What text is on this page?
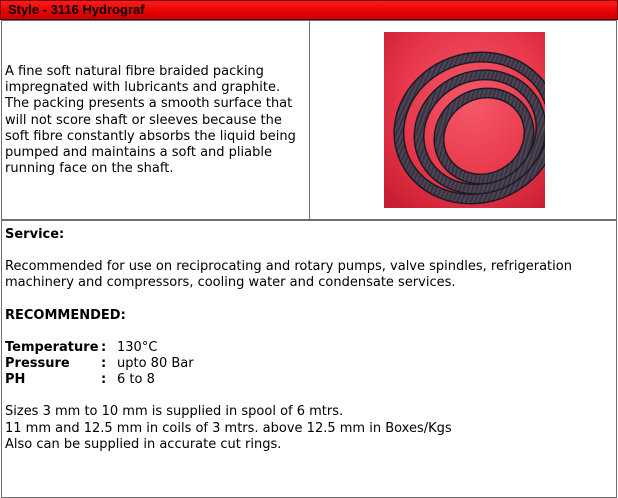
Style - 3116 Hydrograf
A fine soft natural fibre braided packing
impregnated with lubricants and graphite.
The packing presents a smooth surface that
will not score shaft or sleeves because the
soft fibre constantly absorbs the liquid being
pumped and maintains a soft and pliable
running face on the shaft.
Service:
Recommended for use on reciprocating and rotary pumps, valve spindles, refrigeration
machinery and compressors, cooling water and condensate services.
RECOMMENDED:
Temperature	:	130°C
Pressure	:	upto 80 Bar
PH	:	6 to 8
Sizes 3 mm to 10 mm is supplied in spool of 6 mtrs.
11 mm and 12.5 mm in coils of 3 mtrs. above 12.5 mm in Boxes/Kgs
Also can be supplied in accurate cut rings.
